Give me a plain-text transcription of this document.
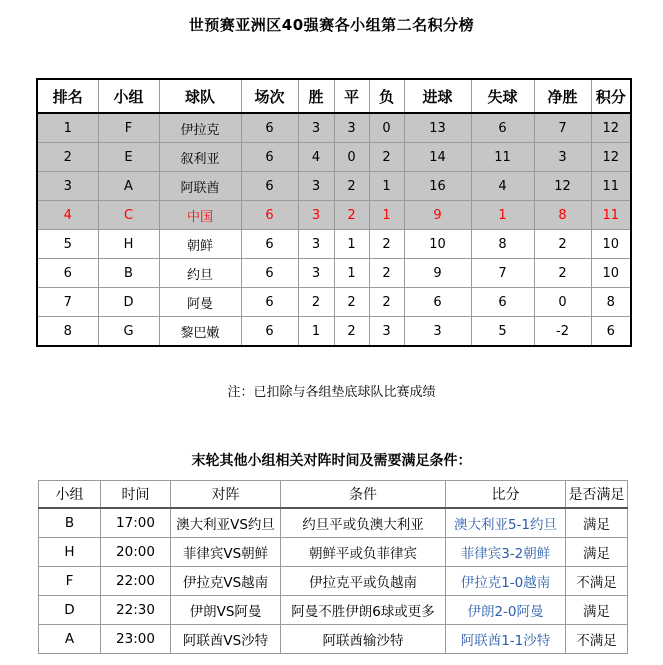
世预赛亚洲区40强赛各小组第二名积分榜
排名	小组	球队	场次	胜	平	负	进球	失球	净胜	积分
1	F	伊拉克	6	3	3	0	13	6	7	12
2	E	叙利亚	6	4	0	2	14	11	3	12
3	A	阿联酋	6	3	2	1	16	4	12	11
4	C	中国	6	3	2	1	9	1	8	11
5	H	朝鲜	6	3	1	2	10	8	2	10
6	B	约旦	6	3	1	2	9	7	2	10
7	D	阿曼	6	2	2	2	6	6	0	8
8	G	黎巴嫩	6	1	2	3	3	5	-2	6
注：已扣除与各组垫底球队比赛成绩
末轮其他小组相关对阵时间及需要满足条件：
小组	时间	对阵	条件	比分	是否满足
B	17:00	澳大利亚VS约旦	约旦平或负澳大利亚	澳大利亚5-1约旦	满足
H	20:00	菲律宾VS朝鲜	朝鲜平或负菲律宾	菲律宾3-2朝鲜	满足
F	22:00	伊拉克VS越南	伊拉克平或负越南	伊拉克1-0越南	不满足
D	22:30	伊朗VS阿曼	阿曼不胜伊朗6球或更多	伊朗2-0阿曼	满足
A	23:00	阿联酋VS沙特	阿联酋输沙特	阿联酋1-1沙特	不满足
